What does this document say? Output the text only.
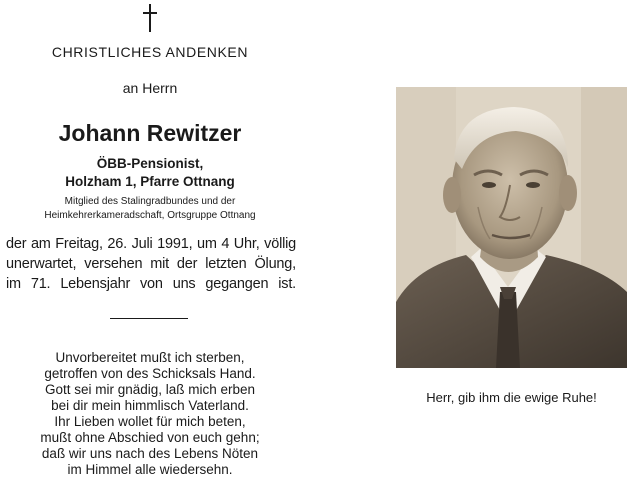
CHRISTLICHES ANDENKEN
an Herrn
Johann Rewitzer
ÖBB-Pensionist,
Holzham 1, Pfarre Ottnang
Mitglied des Stalingradbundes und der
Heimkehrerkameradschaft, Ortsgruppe Ottnang
der am Freitag, 26. Juli 1991, um 4 Uhr, völlig
unerwartet, versehen mit der letzten Ölung,
im 71. Lebensjahr von uns gegangen ist.
Unvorbereitet mußt ich sterben,
getroffen von des Schicksals Hand.
Gott sei mir gnädig, laß mich erben
bei dir mein himmlisch Vaterland.
Ihr Lieben wollet für mich beten,
mußt ohne Abschied von euch gehn;
daß wir uns nach des Lebens Nöten
im Himmel alle wiedersehn.
Herr, gib ihm die ewige Ruhe!
